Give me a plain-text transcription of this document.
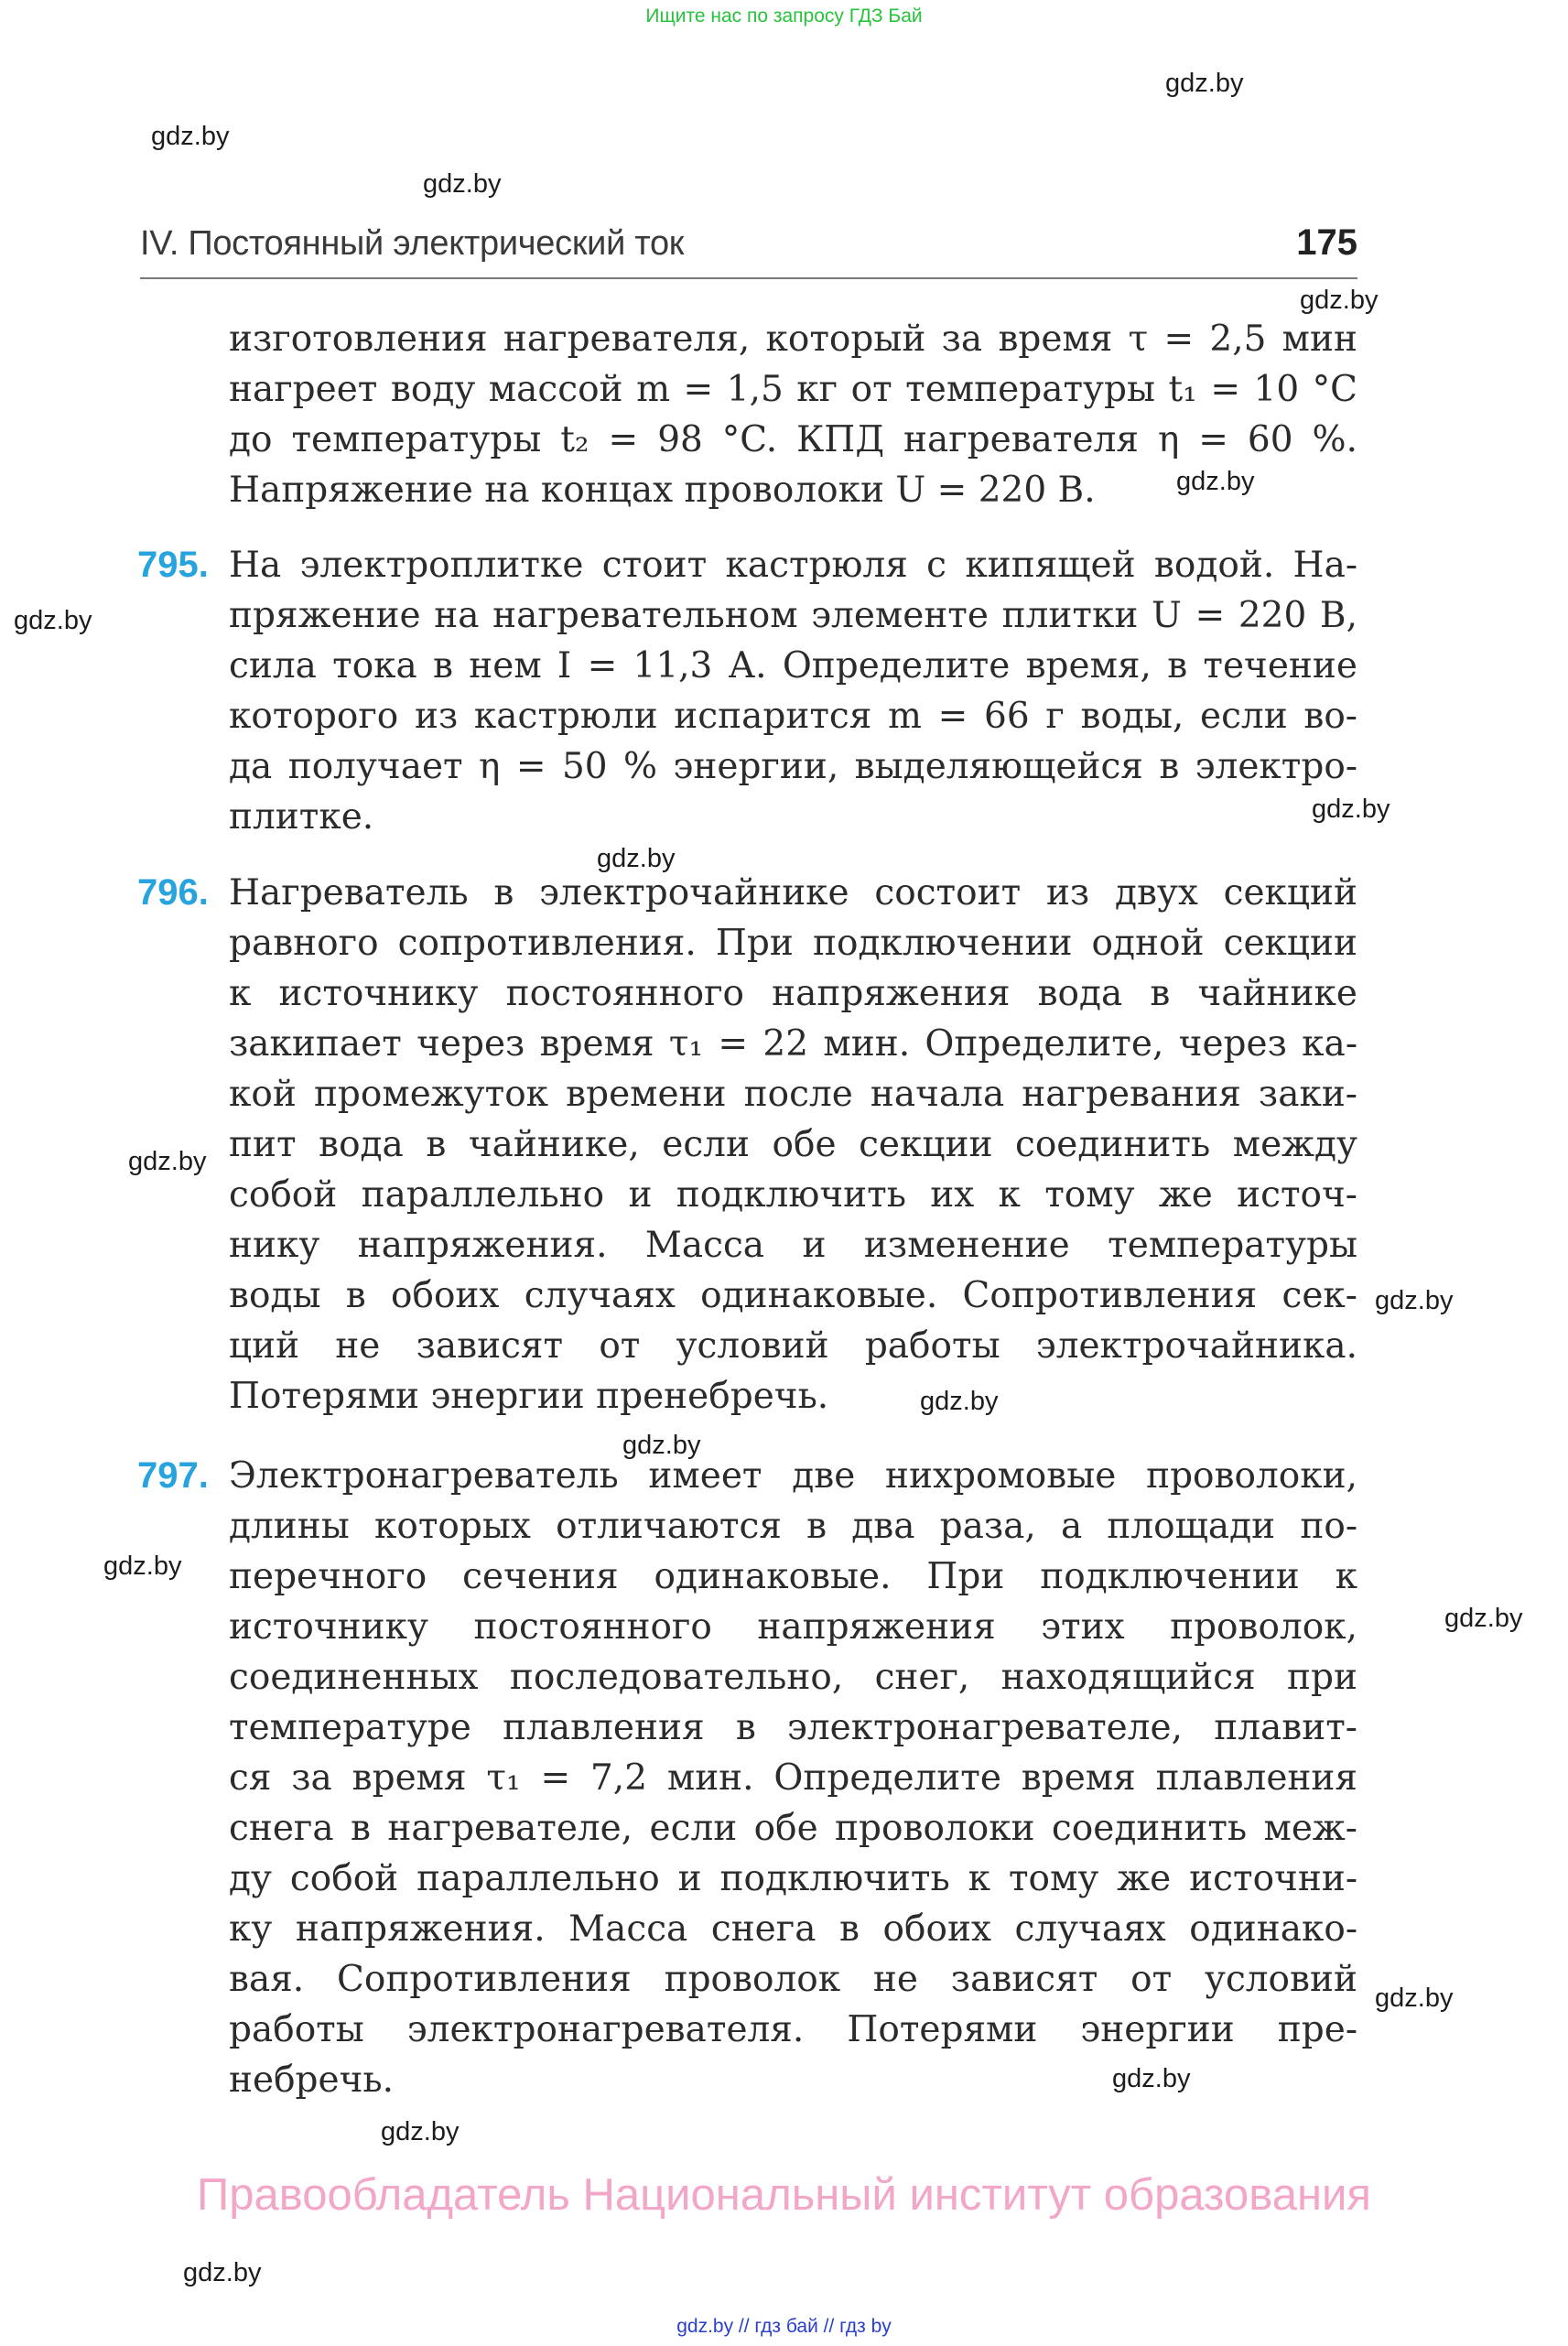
Ищите нас по запросу ГДЗ Бай
gdz.by
gdz.by
gdz.by
gdz.by
gdz.by
gdz.by
gdz.by
gdz.by
gdz.by
gdz.by
gdz.by
gdz.by
gdz.by
gdz.by
gdz.by
gdz.by
gdz.by
gdz.by
IV. Постоянный электрический ток	175
изготовления нагревателя, который за время τ = 2,5 мин
нагреет воду массой m = 1,5 кг от температуры t₁ = 10 °C
до температуры t₂ = 98 °C. КПД нагревателя η = 60 %.
Напряжение на концах проволоки U = 220 В.
795. На электроплитке стоит кастрюля с кипящей водой. На-
пряжение на нагревательном элементе плитки U = 220 В,
сила тока в нем I = 11,3 А. Определите время, в течение
которого из кастрюли испарится m = 66 г воды, если во-
да получает η = 50 % энергии, выделяющейся в электро-
плитке.
796. Нагреватель в электрочайнике состоит из двух секций
равного сопротивления. При подключении одной секции
к источнику постоянного напряжения вода в чайнике
закипает через время τ₁ = 22 мин. Определите, через ка-
кой промежуток времени после начала нагревания заки-
пит вода в чайнике, если обе секции соединить между
собой параллельно и подключить их к тому же источ-
нику напряжения. Масса и изменение температуры
воды в обоих случаях одинаковые. Сопротивления сек-
ций не зависят от условий работы электрочайника.
Потерями энергии пренебречь.
797. Электронагреватель имеет две нихромовые проволоки,
длины которых отличаются в два раза, а площади по-
перечного сечения одинаковые. При подключении к
источнику постоянного напряжения этих проволок,
соединенных последовательно, снег, находящийся при
температуре плавления в электронагревателе, плавит-
ся за время τ₁ = 7,2 мин. Определите время плавления
снега в нагревателе, если обе проволоки соединить меж-
ду собой параллельно и подключить к тому же источни-
ку напряжения. Масса снега в обоих случаях одинако-
вая. Сопротивления проволок не зависят от условий
работы электронагревателя. Потерями энергии пре-
небречь.
Правообладатель Национальный институт образования
gdz.by // гдз бай // гдз by
